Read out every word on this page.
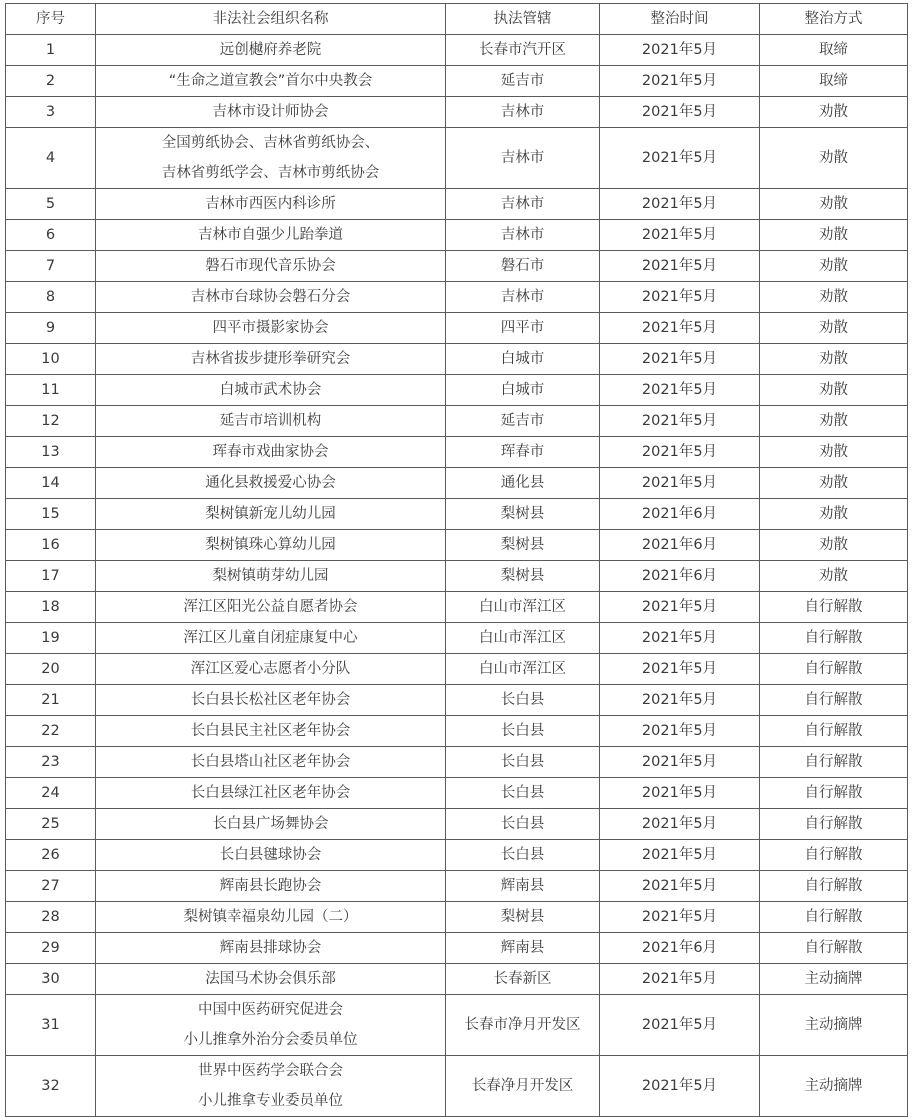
序号	非法社会组织名称	执法管辖	整治时间	整治方式
1	远创樾府养老院	长春市汽开区	2021年5月	取缔
2	“生命之道宣教会”首尔中央教会	延吉市	2021年5月	取缔
3	吉林市设计师协会	吉林市	2021年5月	劝散
4	全国剪纸协会、吉林省剪纸协会、
吉林省剪纸学会、吉林市剪纸协会	吉林市	2021年5月	劝散
5	吉林市西医内科诊所	吉林市	2021年5月	劝散
6	吉林市自强少儿跆拳道	吉林市	2021年5月	劝散
7	磐石市现代音乐协会	磐石市	2021年5月	劝散
8	吉林市台球协会磐石分会	吉林市	2021年5月	劝散
9	四平市摄影家协会	四平市	2021年5月	劝散
10	吉林省拔步捷形拳研究会	白城市	2021年5月	劝散
11	白城市武术协会	白城市	2021年5月	劝散
12	延吉市培训机构	延吉市	2021年5月	劝散
13	珲春市戏曲家协会	珲春市	2021年5月	劝散
14	通化县救援爱心协会	通化县	2021年5月	劝散
15	梨树镇新宠儿幼儿园	梨树县	2021年6月	劝散
16	梨树镇珠心算幼儿园	梨树县	2021年6月	劝散
17	梨树镇萌芽幼儿园	梨树县	2021年6月	劝散
18	浑江区阳光公益自愿者协会	白山市浑江区	2021年5月	自行解散
19	浑江区儿童自闭症康复中心	白山市浑江区	2021年5月	自行解散
20	浑江区爱心志愿者小分队	白山市浑江区	2021年5月	自行解散
21	长白县长松社区老年协会	长白县	2021年5月	自行解散
22	长白县民主社区老年协会	长白县	2021年5月	自行解散
23	长白县塔山社区老年协会	长白县	2021年5月	自行解散
24	长白县绿江社区老年协会	长白县	2021年5月	自行解散
25	长白县广场舞协会	长白县	2021年5月	自行解散
26	长白县毽球协会	长白县	2021年5月	自行解散
27	辉南县长跑协会	辉南县	2021年5月	自行解散
28	梨树镇幸福泉幼儿园（二）	梨树县	2021年5月	自行解散
29	辉南县排球协会	辉南县	2021年6月	自行解散
30	法国马术协会俱乐部	长春新区	2021年5月	主动摘牌
31	中国中医药研究促进会
小儿推拿外治分会委员单位	长春市净月开发区	2021年5月	主动摘牌
32	世界中医药学会联合会
小儿推拿专业委员单位	长春净月开发区	2021年5月	主动摘牌
